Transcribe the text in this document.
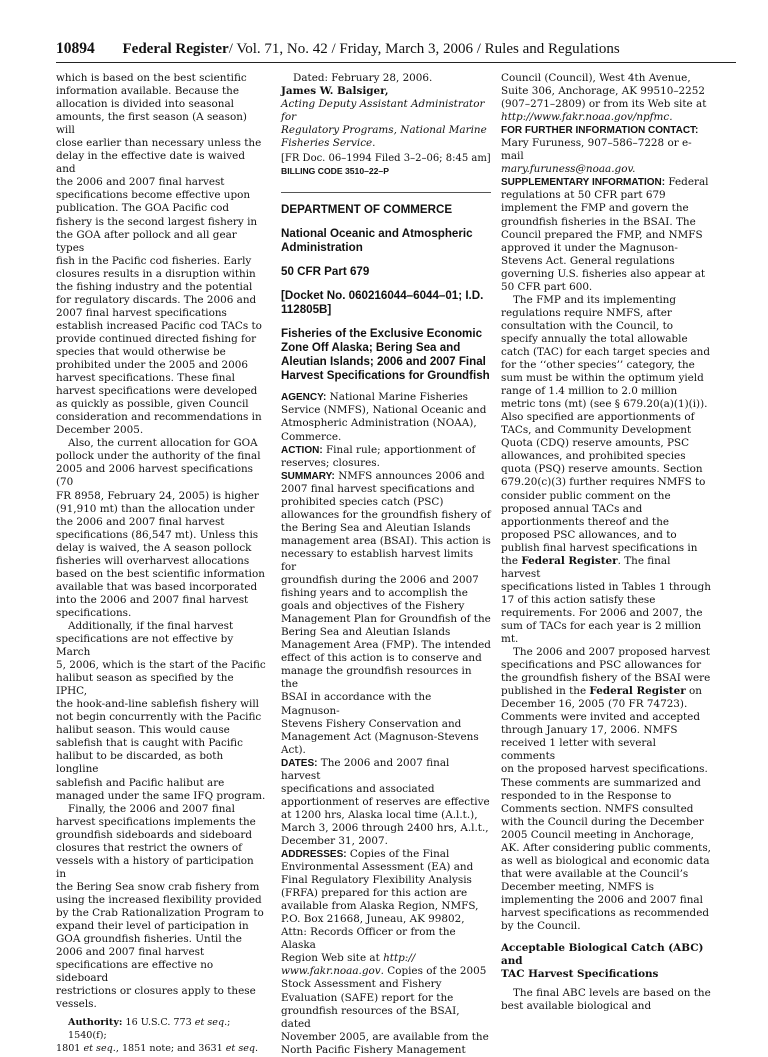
10894 Federal Register/ Vol. 71, No. 42 / Friday, March 3, 2006 / Rules and Regulations

which is based on the best scientific
information available. Because the
allocation is divided into seasonal
amounts, the first season (A season) will
close earlier than necessary unless the
delay in the effective date is waived and
the 2006 and 2007 final harvest
specifications become effective upon
publication. The GOA Pacific cod
fishery is the second largest fishery in
the GOA after pollock and all gear types
fish in the Pacific cod fisheries. Early
closures results in a disruption within
the fishing industry and the potential
for regulatory discards. The 2006 and
2007 final harvest specifications
establish increased Pacific cod TACs to
provide continued directed fishing for
species that would otherwise be
prohibited under the 2005 and 2006
harvest specifications. These final
harvest specifications were developed
as quickly as possible, given Council
consideration and recommendations in
December 2005.

Also, the current allocation for GOA
pollock under the authority of the final
2005 and 2006 harvest specifications (70
FR 8958, February 24, 2005) is higher
(91,910 mt) than the allocation under
the 2006 and 2007 final harvest
specifications (86,547 mt). Unless this
delay is waived, the A season pollock
fisheries will overharvest allocations
based on the best scientific information
available that was based incorporated
into the 2006 and 2007 final harvest
specifications.

Additionally, if the final harvest
specifications are not effective by March
5, 2006, which is the start of the Pacific
halibut season as specified by the IPHC,
the hook-and-line sablefish fishery will
not begin concurrently with the Pacific
halibut season. This would cause
sablefish that is caught with Pacific
halibut to be discarded, as both longline
sablefish and Pacific halibut are
managed under the same IFQ program.

Finally, the 2006 and 2007 final
harvest specifications implements the
groundfish sideboards and sideboard
closures that restrict the owners of
vessels with a history of participation in
the Bering Sea snow crab fishery from
using the increased flexibility provided
by the Crab Rationalization Program to
expand their level of participation in
GOA groundfish fisheries. Until the
2006 and 2007 final harvest
specifications are effective no sideboard
restrictions or closures apply to these
vessels.

Authority: 16 U.S.C. 773 et seq.; 1540(f);
1801 et seq., 1851 note; and 3631 et seq.

Dated: February 28, 2006.

James W. Balsiger,

Acting Deputy Assistant Administrator for
Regulatory Programs, National Marine
Fisheries Service.

[FR Doc. 06–1994 Filed 3–2–06; 8:45 am]

BILLING CODE 3510–22–P

DEPARTMENT OF COMMERCE

National Oceanic and Atmospheric
Administration

50 CFR Part 679

[Docket No. 060216044–6044–01; I.D.
112805B]

Fisheries of the Exclusive Economic
Zone Off Alaska; Bering Sea and
Aleutian Islands; 2006 and 2007 Final
Harvest Specifications for Groundfish

AGENCY: National Marine Fisheries
Service (NMFS), National Oceanic and
Atmospheric Administration (NOAA),
Commerce.

ACTION: Final rule; apportionment of
reserves; closures.

SUMMARY: NMFS announces 2006 and
2007 final harvest specifications and
prohibited species catch (PSC)
allowances for the groundfish fishery of
the Bering Sea and Aleutian Islands
management area (BSAI). This action is
necessary to establish harvest limits for
groundfish during the 2006 and 2007
fishing years and to accomplish the
goals and objectives of the Fishery
Management Plan for Groundfish of the
Bering Sea and Aleutian Islands
Management Area (FMP). The intended
effect of this action is to conserve and
manage the groundfish resources in the
BSAI in accordance with the Magnuson-
Stevens Fishery Conservation and
Management Act (Magnuson-Stevens
Act).

DATES: The 2006 and 2007 final harvest
specifications and associated
apportionment of reserves are effective
at 1200 hrs, Alaska local time (A.l.t.),
March 3, 2006 through 2400 hrs, A.l.t.,
December 31, 2007.

ADDRESSES: Copies of the Final
Environmental Assessment (EA) and
Final Regulatory Flexibility Analysis
(FRFA) prepared for this action are
available from Alaska Region, NMFS,
P.O. Box 21668, Juneau, AK 99802,
Attn: Records Officer or from the Alaska
Region Web site at http://
www.fakr.noaa.gov. Copies of the 2005
Stock Assessment and Fishery
Evaluation (SAFE) report for the
groundfish resources of the BSAI, dated
November 2005, are available from the
North Pacific Fishery Management

Council (Council), West 4th Avenue,
Suite 306, Anchorage, AK 99510–2252
(907–271–2809) or from its Web site at
http://www.fakr.noaa.gov/npfmc.

FOR FURTHER INFORMATION CONTACT:
Mary Furuness, 907–586–7228 or e-mail
mary.furuness@noaa.gov.

SUPPLEMENTARY INFORMATION: Federal
regulations at 50 CFR part 679
implement the FMP and govern the
groundfish fisheries in the BSAI. The
Council prepared the FMP, and NMFS
approved it under the Magnuson-
Stevens Act. General regulations
governing U.S. fisheries also appear at
50 CFR part 600.

The FMP and its implementing
regulations require NMFS, after
consultation with the Council, to
specify annually the total allowable
catch (TAC) for each target species and
for the ‘‘other species’’ category, the
sum must be within the optimum yield
range of 1.4 million to 2.0 million
metric tons (mt) (see § 679.20(a)(1)(i)).
Also specified are apportionments of
TACs, and Community Development
Quota (CDQ) reserve amounts, PSC
allowances, and prohibited species
quota (PSQ) reserve amounts. Section
679.20(c)(3) further requires NMFS to
consider public comment on the
proposed annual TACs and
apportionments thereof and the
proposed PSC allowances, and to
publish final harvest specifications in
the Federal Register. The final harvest
specifications listed in Tables 1 through
17 of this action satisfy these
requirements. For 2006 and 2007, the
sum of TACs for each year is 2 million
mt.

The 2006 and 2007 proposed harvest
specifications and PSC allowances for
the groundfish fishery of the BSAI were
published in the Federal Register on
December 16, 2005 (70 FR 74723).
Comments were invited and accepted
through January 17, 2006. NMFS
received 1 letter with several comments
on the proposed harvest specifications.
These comments are summarized and
responded to in the Response to
Comments section. NMFS consulted
with the Council during the December
2005 Council meeting in Anchorage,
AK. After considering public comments,
as well as biological and economic data
that were available at the Council’s
December meeting, NMFS is
implementing the 2006 and 2007 final
harvest specifications as recommended
by the Council.

Acceptable Biological Catch (ABC) and
TAC Harvest Specifications

The final ABC levels are based on the
best available biological and
